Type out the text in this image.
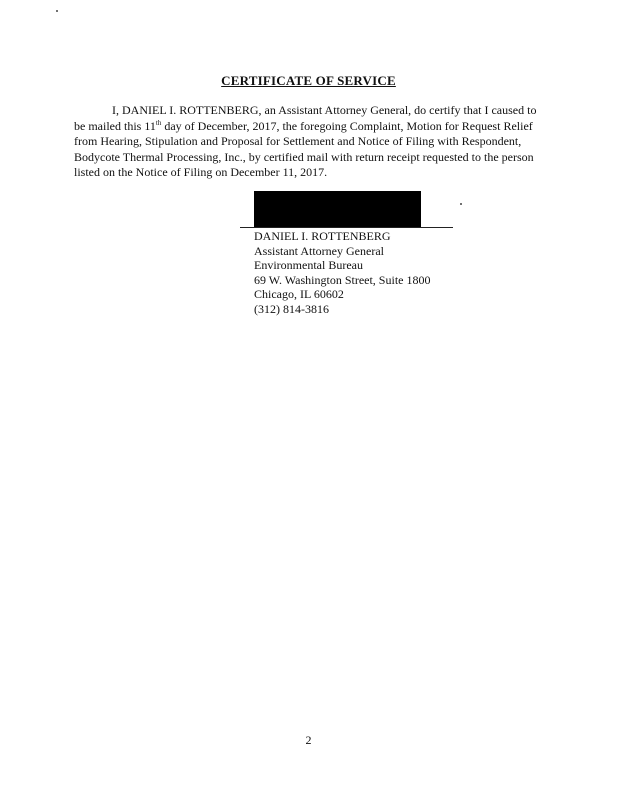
CERTIFICATE OF SERVICE
I, DANIEL I. ROTTENBERG, an Assistant Attorney General, do certify that I caused to
be mailed this 11th day of December, 2017, the foregoing Complaint, Motion for Request Relief
from Hearing, Stipulation and Proposal for Settlement and Notice of Filing with Respondent,
Bodycote Thermal Processing, Inc., by certified mail with return receipt requested to the person
listed on the Notice of Filing on December 11, 2017.
DANIEL I. ROTTENBERG
Assistant Attorney General
Environmental Bureau
69 W. Washington Street, Suite 1800
Chicago, IL 60602
(312) 814-3816
2
